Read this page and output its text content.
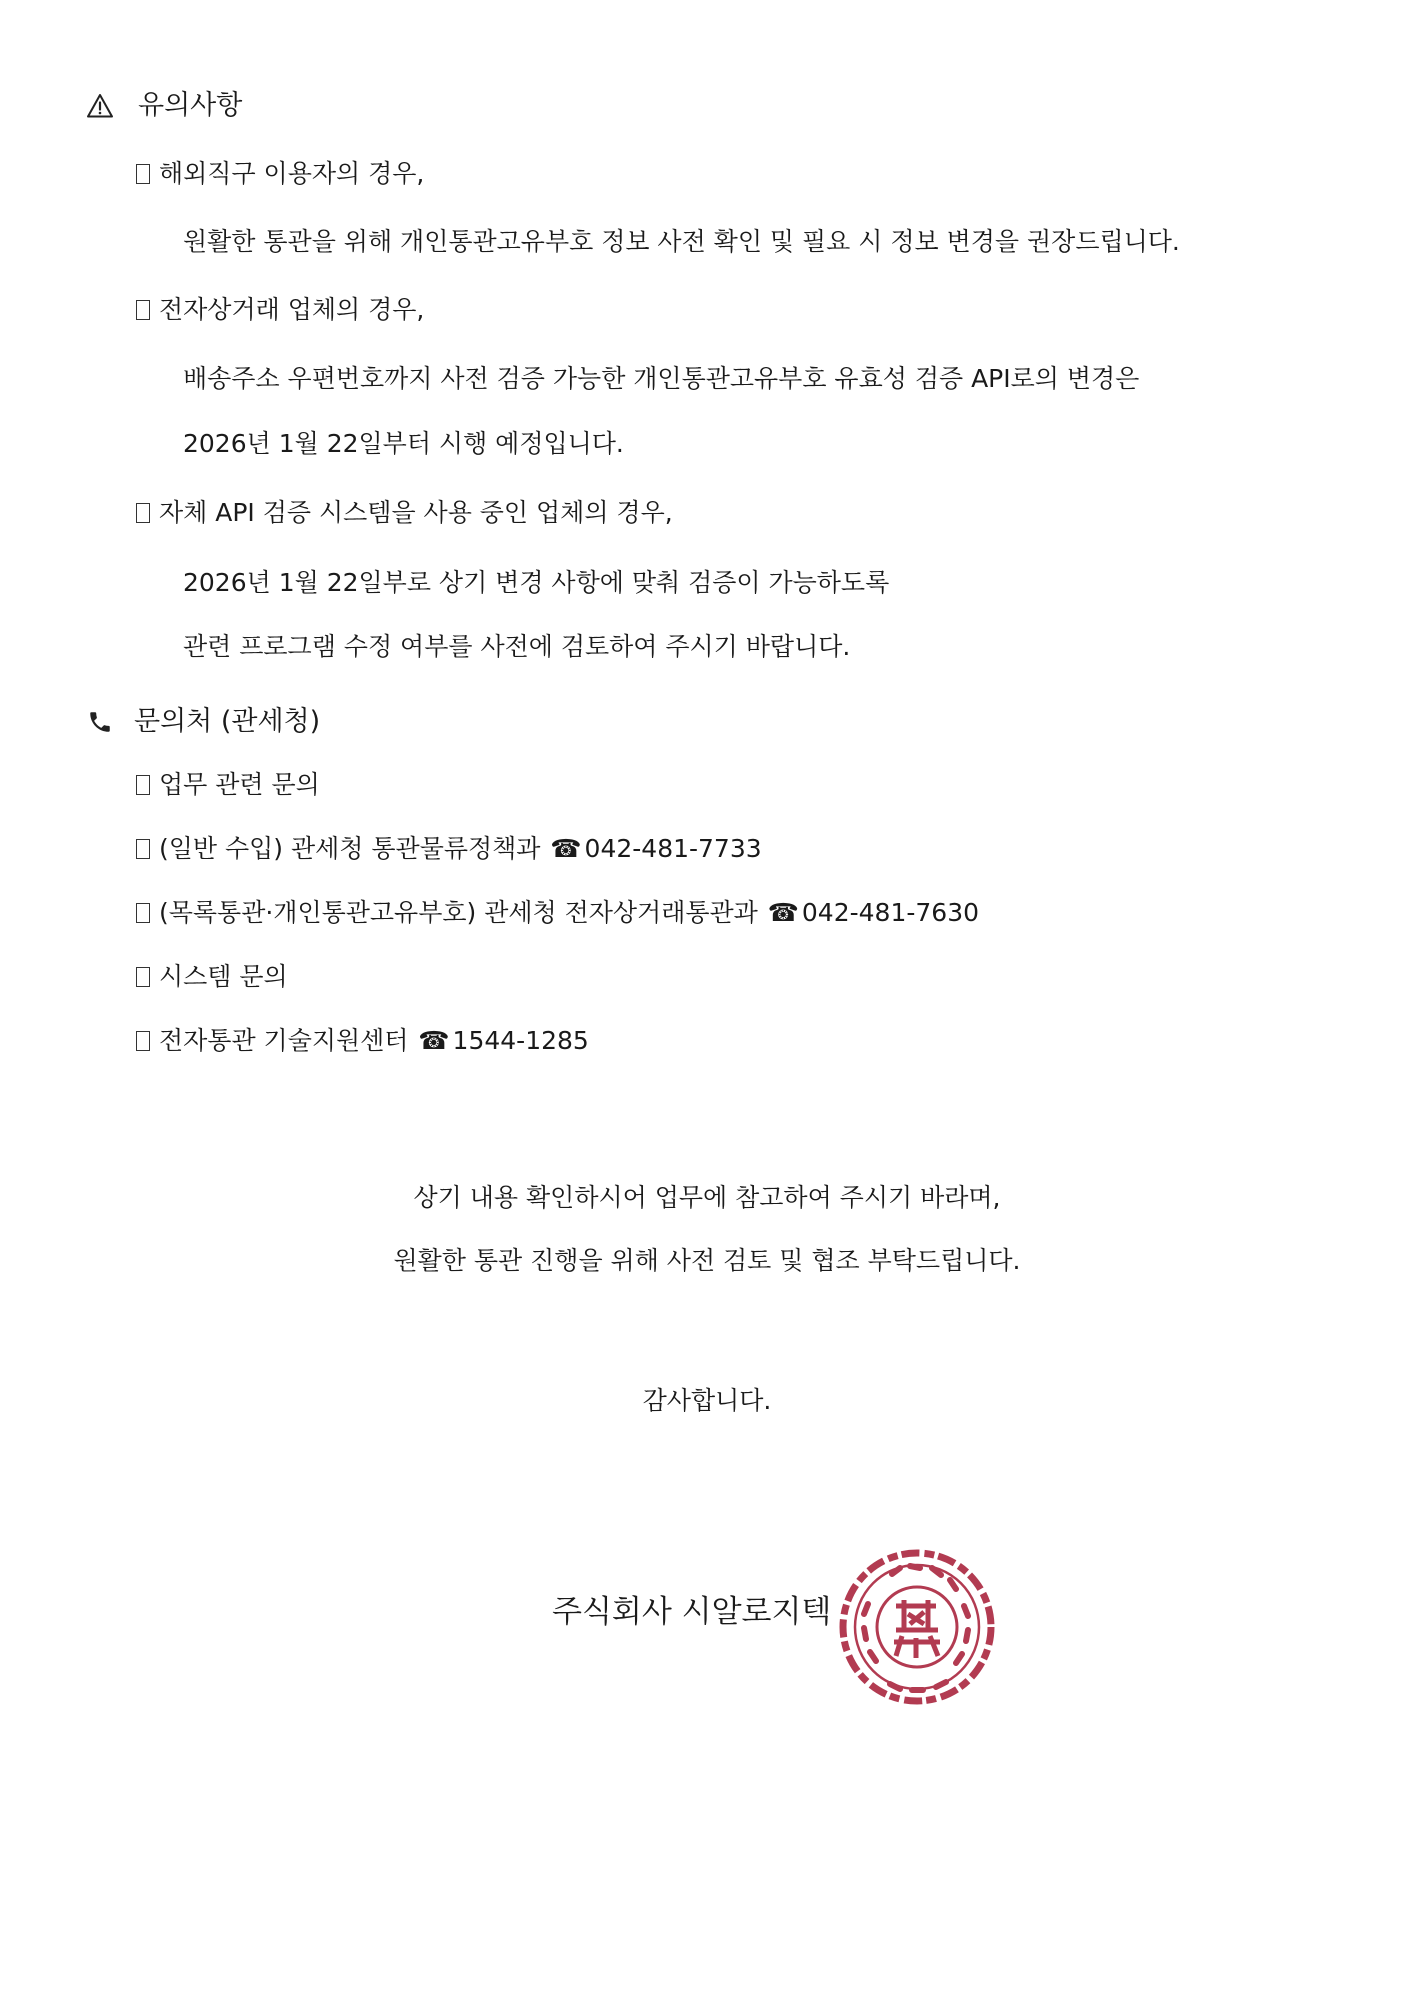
유의사항
해외직구 이용자의 경우,
원활한 통관을 위해 개인통관고유부호 정보 사전 확인 및 필요 시 정보 변경을 권장드립니다.
전자상거래 업체의 경우,
배송주소 우편번호까지 사전 검증 가능한 개인통관고유부호 유효성 검증 API로의 변경은
2026년 1월 22일부터 시행 예정입니다.
자체 API 검증 시스템을 사용 중인 업체의 경우,
2026년 1월 22일부로 상기 변경 사항에 맞춰 검증이 가능하도록
관련 프로그램 수정 여부를 사전에 검토하여 주시기 바랍니다.
문의처 (관세청)
업무 관련 문의
(일반 수입) 관세청 통관물류정책과 ☎ 042-481-7733
(목록통관·개인통관고유부호) 관세청 전자상거래통관과 ☎ 042-481-7630
시스템 문의
전자통관 기술지원센터 ☎ 1544-1285
상기 내용 확인하시어 업무에 참고하여 주시기 바라며,
원활한 통관 진행을 위해 사전 검토 및 협조 부탁드립니다.
감사합니다.
주식회사 시알로지텍
